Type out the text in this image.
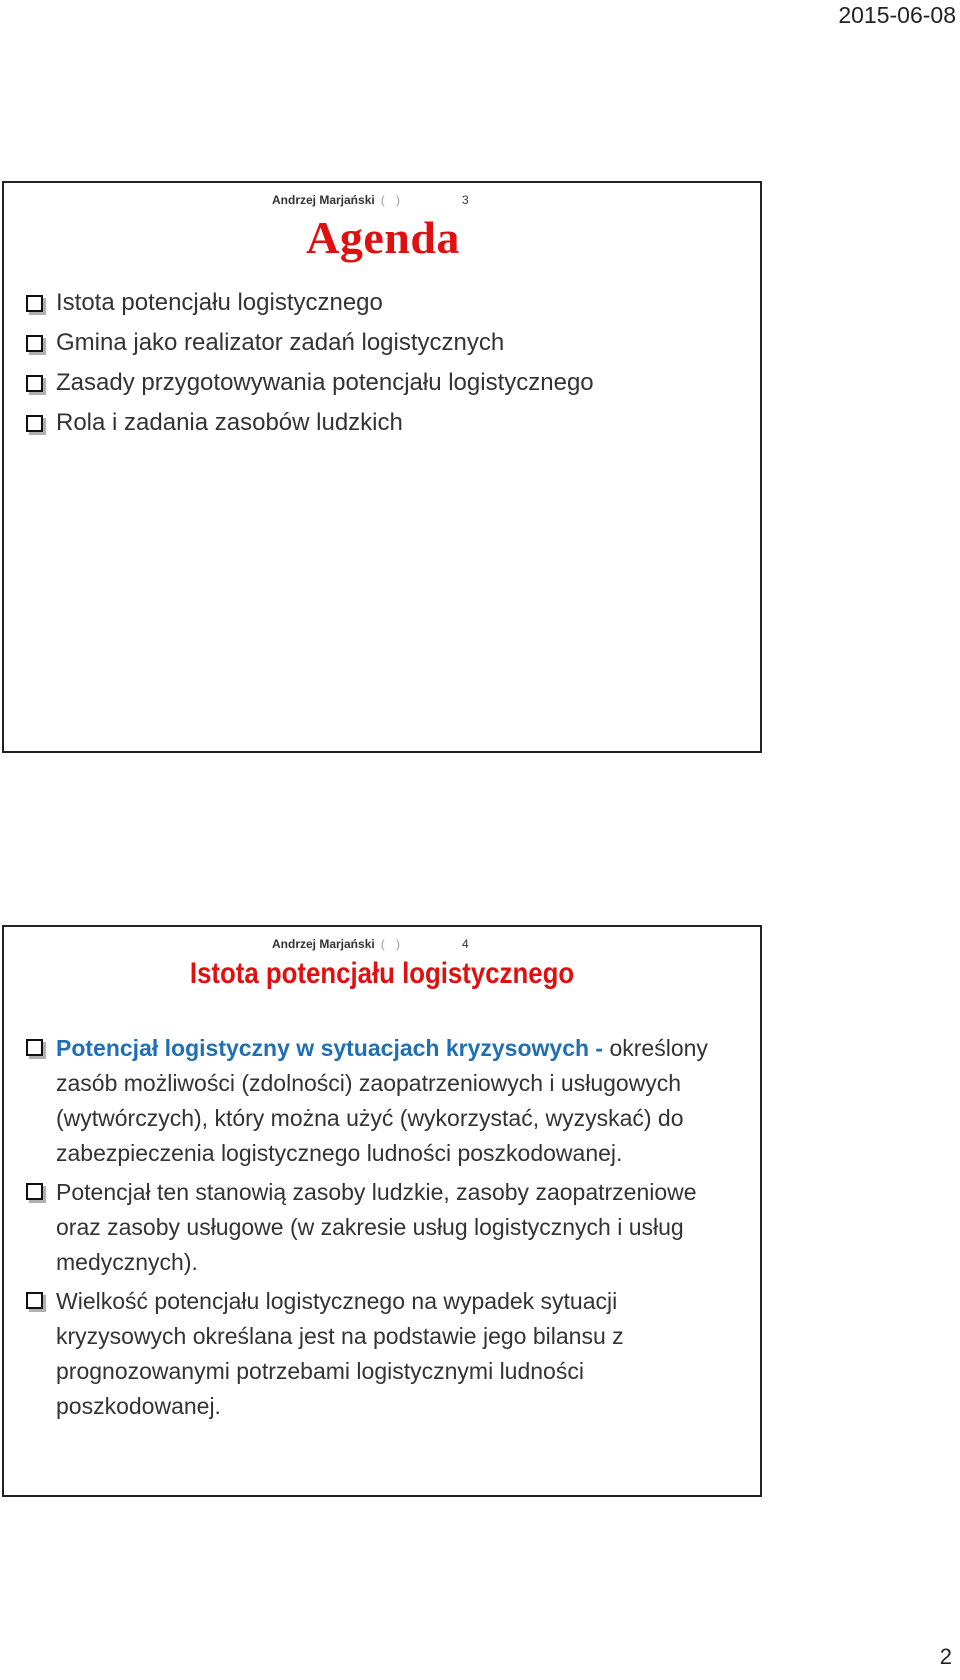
2015-06-08
Andrzej Marjański ( )	3
Agenda
Istota potencjału logistycznego
Gmina jako realizator zadań logistycznych
Zasady przygotowywania potencjału logistycznego
Rola i zadania zasobów ludzkich
Andrzej Marjański ( )	4
Istota potencjału logistycznego
Potencjał logistyczny w sytuacjach kryzysowych - określony zasób możliwości (zdolności) zaopatrzeniowych i usługowych (wytwórczych), który można użyć (wykorzystać, wyzyskać) do zabezpieczenia logistycznego ludności poszkodowanej.
Potencjał ten stanowią zasoby ludzkie, zasoby zaopatrzeniowe oraz zasoby usługowe (w zakresie usług logistycznych i usług medycznych).
Wielkość potencjału logistycznego na wypadek sytuacji kryzysowych określana jest na podstawie jego bilansu z prognozowanymi potrzebami logistycznymi ludności poszkodowanej.
2
